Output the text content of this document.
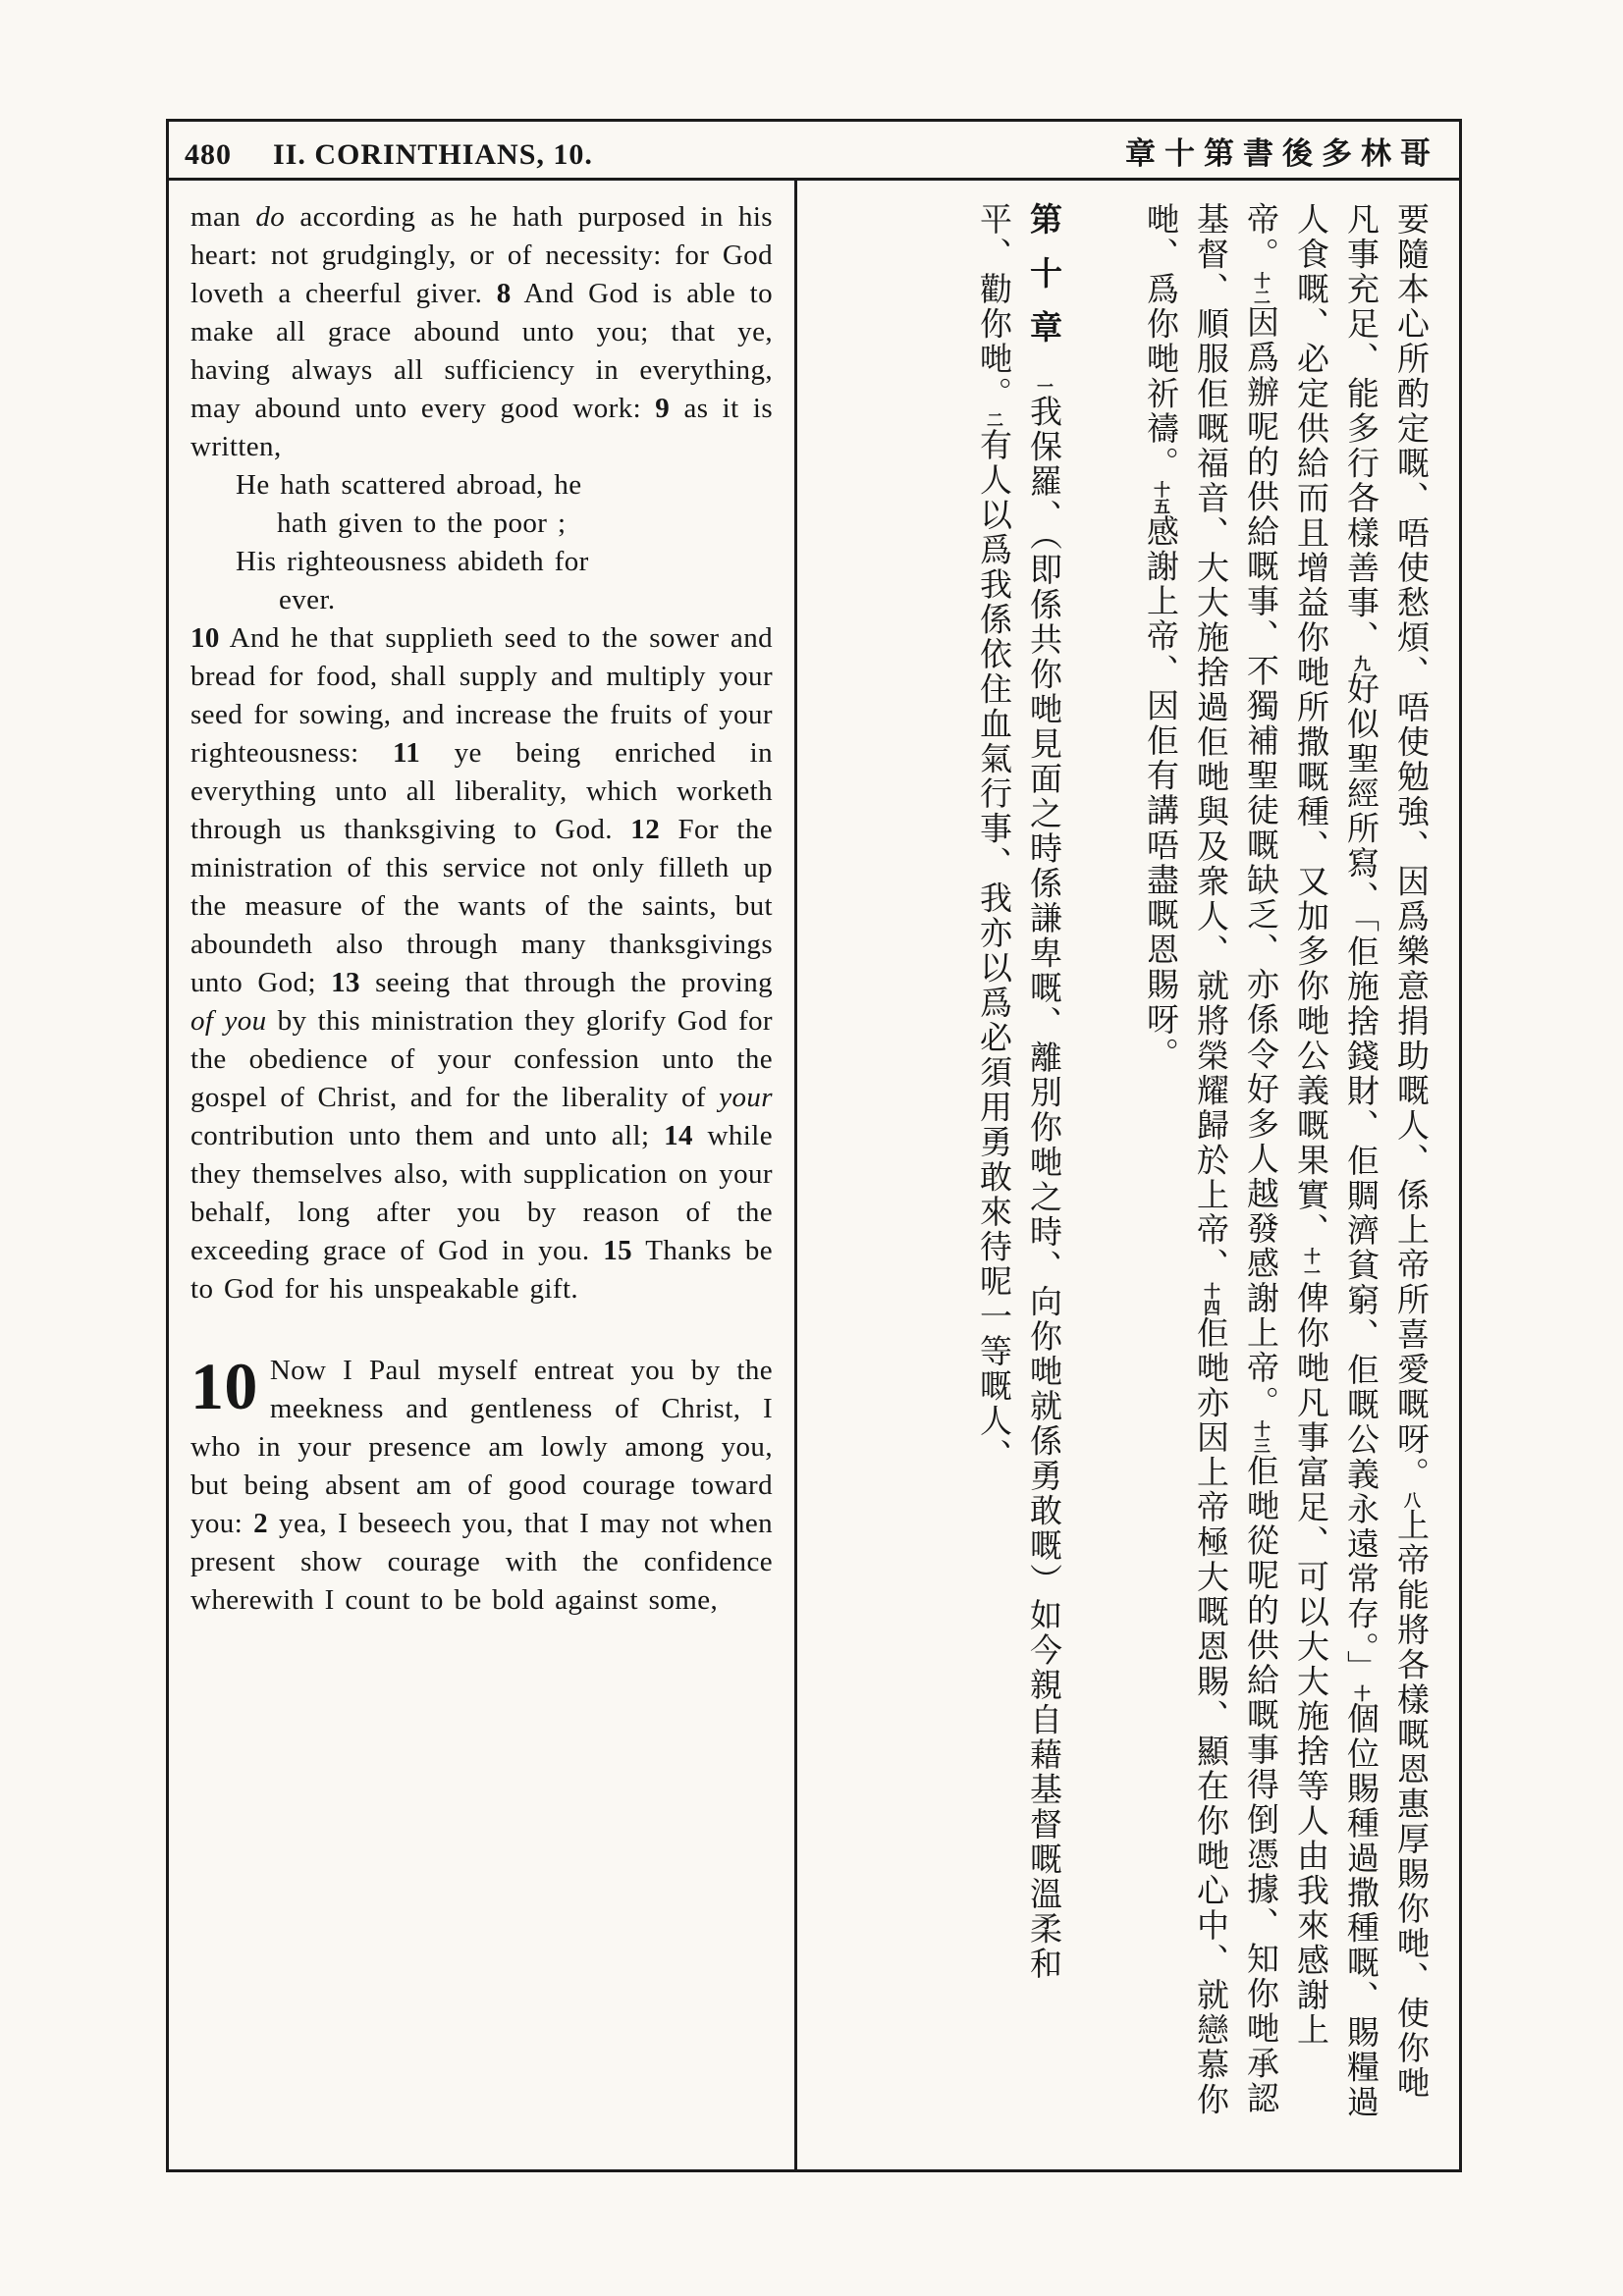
480 II. CORINTHIANS, 10.	章十第書後多林哥

man do according as he hath purposed in his heart: not grudgingly, or of necessity: for God loveth a cheerful giver. 8 And God is able to make all grace abound unto you; that ye, having always all sufficiency in everything, may abound unto every good work: 9 as it is written,

He hath scattered abroad, he
hath given to the poor ;
His righteousness abideth for
ever.

10 And he that supplieth seed to the sower and bread for food, shall supply and multiply your seed for sowing, and increase the fruits of your righteousness: 11 ye being enriched in everything unto all liberality, which worketh through us thanksgiving to God. 12 For the ministration of this service not only filleth up the measure of the wants of the saints, but aboundeth also through many thanksgivings unto God; 13 seeing that through the proving of you by this ministration they glorify God for the obedience of your confession unto the gospel of Christ, and for the liberality of your contribution unto them and unto all; 14 while they themselves also, with supplication on your behalf, long after you by reason of the exceeding grace of God in you. 15 Thanks be to God for his unspeakable gift.

10 Now I Paul myself entreat you by the meekness and gentleness of Christ, I who in your presence am lowly among you, but being absent am of good courage toward you: 2 yea, I beseech you, that I may not when present show courage with the confidence wherewith I count to be bold against some,

要隨本心所酌定嘅、唔使愁煩、唔使勉強、因爲樂意捐助嘅人、係上帝所喜愛嘅呀。八上帝能將各樣嘅恩惠厚賜你哋、使你哋
凡事充足、能多行各樣善事、九好似聖經所寫、「佢施捨錢財、佢賙濟貧窮、佢嘅公義永遠常存。」十個位賜種過撒種嘅、賜糧過
人食嘅、必定供給而且增益你哋所撒嘅種、又加多你哋公義嘅果實、十一俾你哋凡事富足、可以大大施捨等人由我來感謝上
帝。十二因爲辦呢的供給嘅事、不獨補聖徒嘅缺乏、亦係令好多人越發感謝上帝。十三佢哋從呢的供給嘅事得倒憑據、知你哋承認
基督、順服佢嘅福音、大大施捨過佢哋與及衆人、就將榮耀歸於上帝、十四佢哋亦因上帝極大嘅恩賜、顯在你哋心中、就戀慕你
哋、爲你哋祈禱。十五感謝上帝、因佢有講唔盡嘅恩賜呀。
第十章一我保羅、（即係共你哋見面之時係謙卑嘅、離別你哋之時、向你哋就係勇敢嘅）如今親自藉基督嘅溫柔和
平、勸你哋。二有人以爲我係依住血氣行事、我亦以爲必須用勇敢來待呢一等嘅人、
